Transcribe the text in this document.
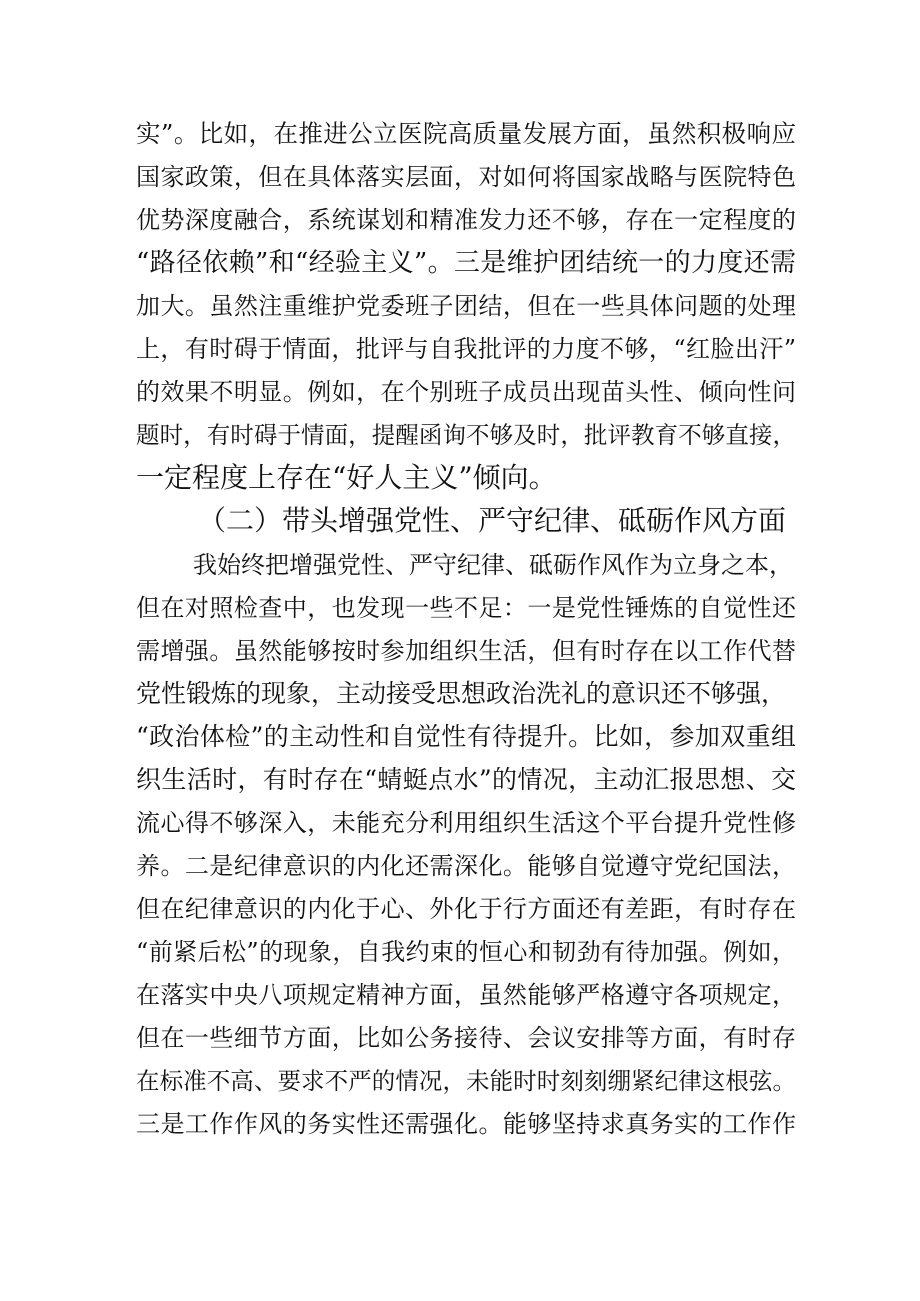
实”。比如，在推进公立医院高质量发展方面，虽然积极响应
国家政策，但在具体落实层面，对如何将国家战略与医院特色
优势深度融合，系统谋划和精准发力还不够，存在一定程度的
“路径依赖”和“经验主义”。三是维护团结统一的力度还需
加大。虽然注重维护党委班子团结，但在一些具体问题的处理
上，有时碍于情面，批评与自我批评的力度不够，“红脸出汗”
的效果不明显。例如，在个别班子成员出现苗头性、倾向性问
题时，有时碍于情面，提醒函询不够及时，批评教育不够直接，
一定程度上存在“好人主义”倾向。
（二）带头增强党性、严守纪律、砥砺作风方面
我始终把增强党性、严守纪律、砥砺作风作为立身之本，
但在对照检查中，也发现一些不足：一是党性锤炼的自觉性还
需增强。虽然能够按时参加组织生活，但有时存在以工作代替
党性锻炼的现象，主动接受思想政治洗礼的意识还不够强，
“政治体检”的主动性和自觉性有待提升。比如，参加双重组
织生活时，有时存在“蜻蜓点水”的情况，主动汇报思想、交
流心得不够深入，未能充分利用组织生活这个平台提升党性修
养。二是纪律意识的内化还需深化。能够自觉遵守党纪国法，
但在纪律意识的内化于心、外化于行方面还有差距，有时存在
“前紧后松”的现象，自我约束的恒心和韧劲有待加强。例如，
在落实中央八项规定精神方面，虽然能够严格遵守各项规定，
但在一些细节方面，比如公务接待、会议安排等方面，有时存
在标准不高、要求不严的情况，未能时时刻刻绷紧纪律这根弦。
三是工作作风的务实性还需强化。能够坚持求真务实的工作作
